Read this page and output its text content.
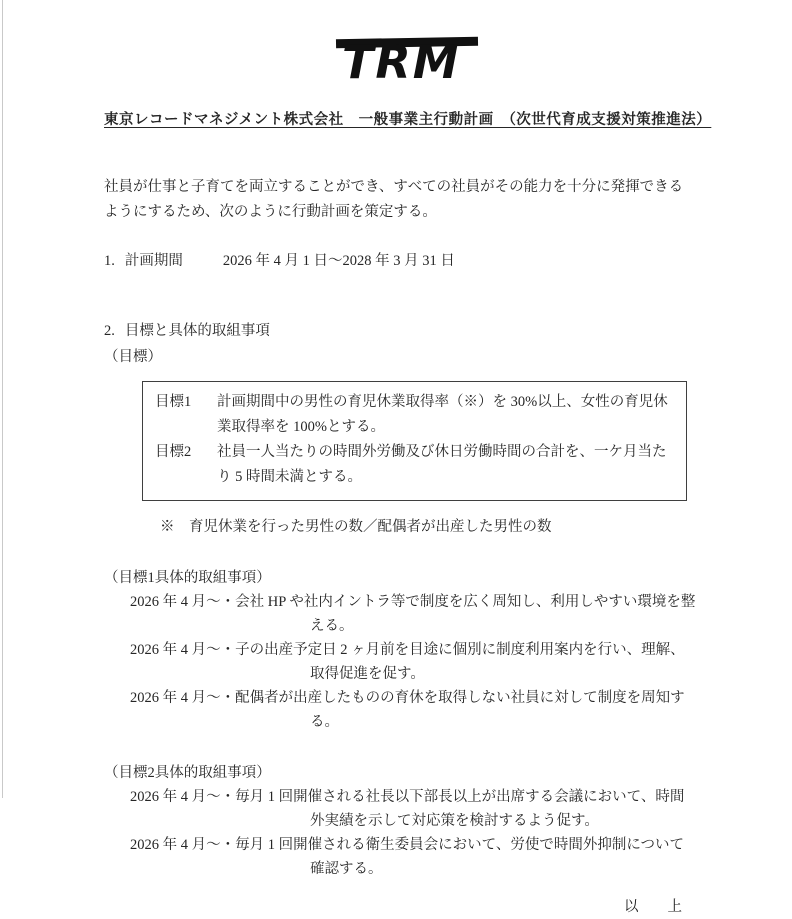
TRM
東京レコードマネジメント株式会社　一般事業主行動計画　（次世代育成支援対策推進法）
社員が仕事と子育てを両立することができ、すべての社員がその能力を十分に発揮できるようにするため、次のように行動計画を策定する。
1. 計画期間	2026 年 4 月 1 日～2028 年 3 月 31 日
2. 目標と具体的取組事項
（目標）
目標1	計画期間中の男性の育児休業取得率（※）を 30%以上、女性の育児休業取得率を 100%とする。
目標2	社員一人当たりの時間外労働及び休日労働時間の合計を、一ケ月当たり 5 時間未満とする。
※　育児休業を行った男性の数／配偶者が出産した男性の数
（目標1具体的取組事項）
2026 年 4 月～・会社 HP や社内イントラ等で制度を広く周知し、利用しやすい環境を整える。
2026 年 4 月～・子の出産予定日 2 ヶ月前を目途に個別に制度利用案内を行い、理解、取得促進を促す。
2026 年 4 月～・配偶者が出産したものの育休を取得しない社員に対して制度を周知する。
（目標2具体的取組事項）
2026 年 4 月～・毎月 1 回開催される社長以下部長以上が出席する会議において、時間外実績を示して対応策を検討するよう促す。
2026 年 4 月～・毎月 1 回開催される衛生委員会において、労使で時間外抑制について確認する。
以　　上
